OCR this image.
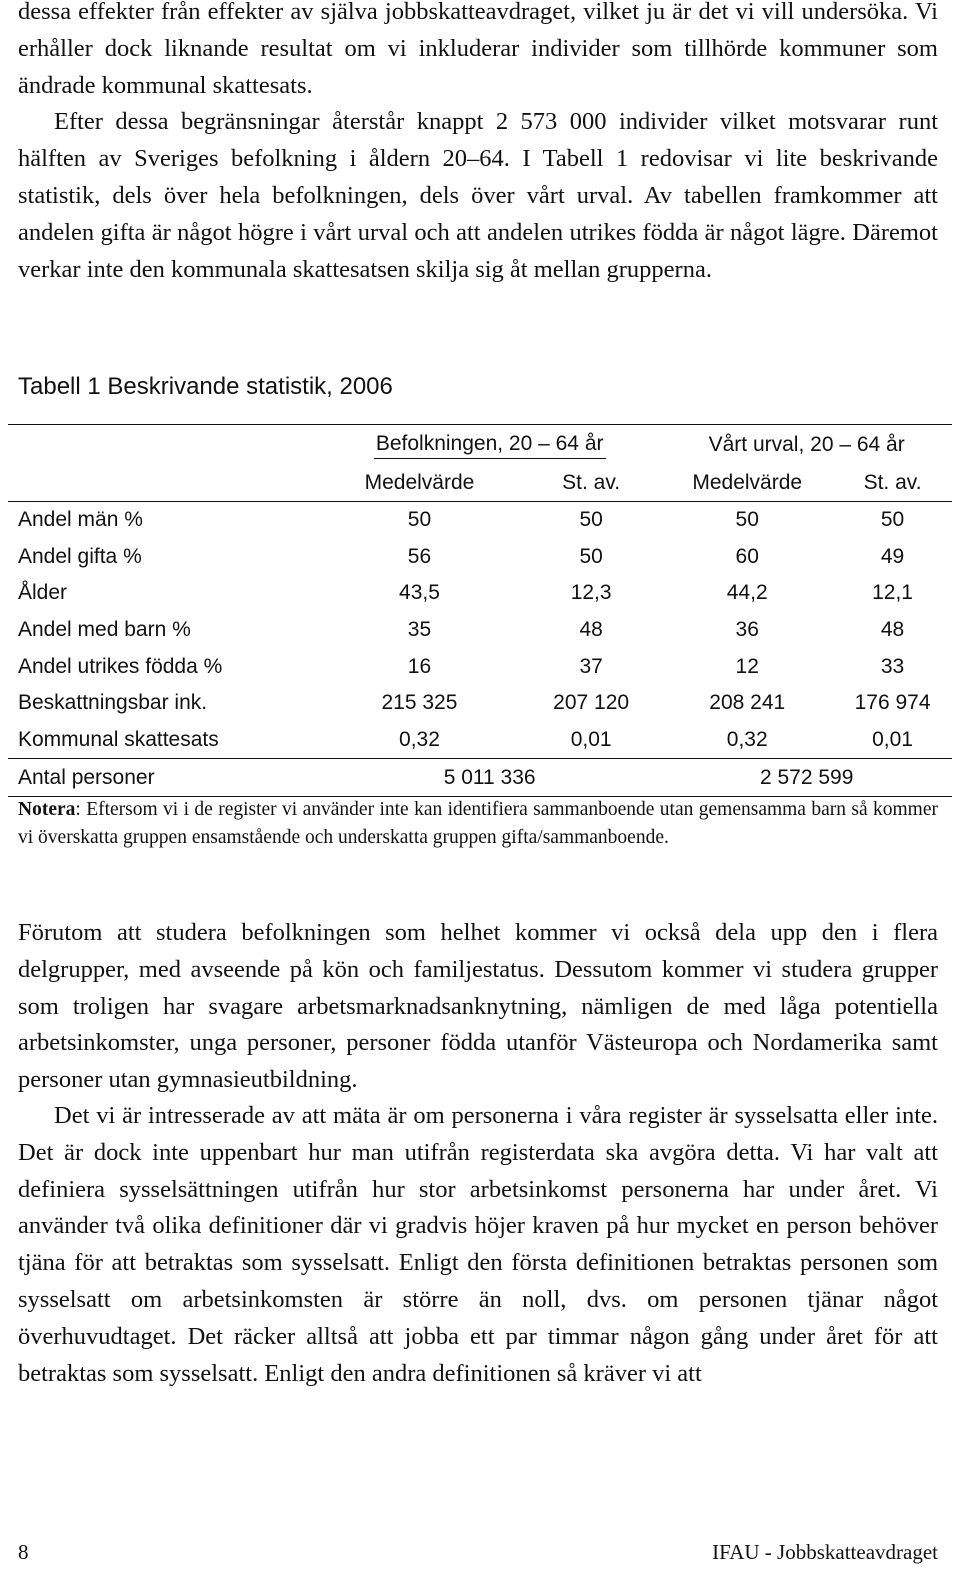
dessa effekter från effekter av själva jobbskatteavdraget, vilket ju är det vi vill undersöka. Vi erhåller dock liknande resultat om vi inkluderar individer som tillhörde kommuner som ändrade kommunal skattesats.
Efter dessa begränsningar återstår knappt 2 573 000 individer vilket motsvarar runt hälften av Sveriges befolkning i åldern 20–64. I Tabell 1 redovisar vi lite beskrivande statistik, dels över hela befolkningen, dels över vårt urval. Av tabellen framkommer att andelen gifta är något högre i vårt urval och att andelen utrikes födda är något lägre. Däremot verkar inte den kommunala skattesatsen skilja sig åt mellan grupperna.
Tabell 1 Beskrivande statistik, 2006
	Befolkningen, 20 – 64 år		Vårt urval, 20 – 64 år	
	Medelvärde	St. av.	Medelvärde	St. av.
Andel män %	50	50	50	50
Andel gifta %	56	50	60	49
Ålder	43,5	12,3	44,2	12,1
Andel med barn %	35	48	36	48
Andel utrikes födda %	16	37	12	33
Beskattningsbar ink.	215 325	207 120	208 241	176 974
Kommunal skattesats	0,32	0,01	0,32	0,01
Antal personer	5 011 336		2 572 599	
Notera: Eftersom vi i de register vi använder inte kan identifiera sammanboende utan gemensamma barn så kommer vi överskatta gruppen ensamstående och underskatta gruppen gifta/sammanboende.
Förutom att studera befolkningen som helhet kommer vi också dela upp den i flera delgrupper, med avseende på kön och familjestatus. Dessutom kommer vi studera grupper som troligen har svagare arbetsmarknadsanknytning, nämligen de med låga potentiella arbetsinkomster, unga personer, personer födda utanför Västeuropa och Nordamerika samt personer utan gymnasieutbildning.
Det vi är intresserade av att mäta är om personerna i våra register är sysselsatta eller inte. Det är dock inte uppenbart hur man utifrån registerdata ska avgöra detta. Vi har valt att definiera sysselsättningen utifrån hur stor arbetsinkomst personerna har under året. Vi använder två olika definitioner där vi gradvis höjer kraven på hur mycket en person behöver tjäna för att betraktas som sysselsatt. Enligt den första definitionen betraktas personen som sysselsatt om arbetsinkomsten är större än noll, dvs. om personen tjänar något överhuvudtaget. Det räcker alltså att jobba ett par timmar någon gång under året för att betraktas som sysselsatt. Enligt den andra definitionen så kräver vi att
8	IFAU - Jobbskatteavdraget
